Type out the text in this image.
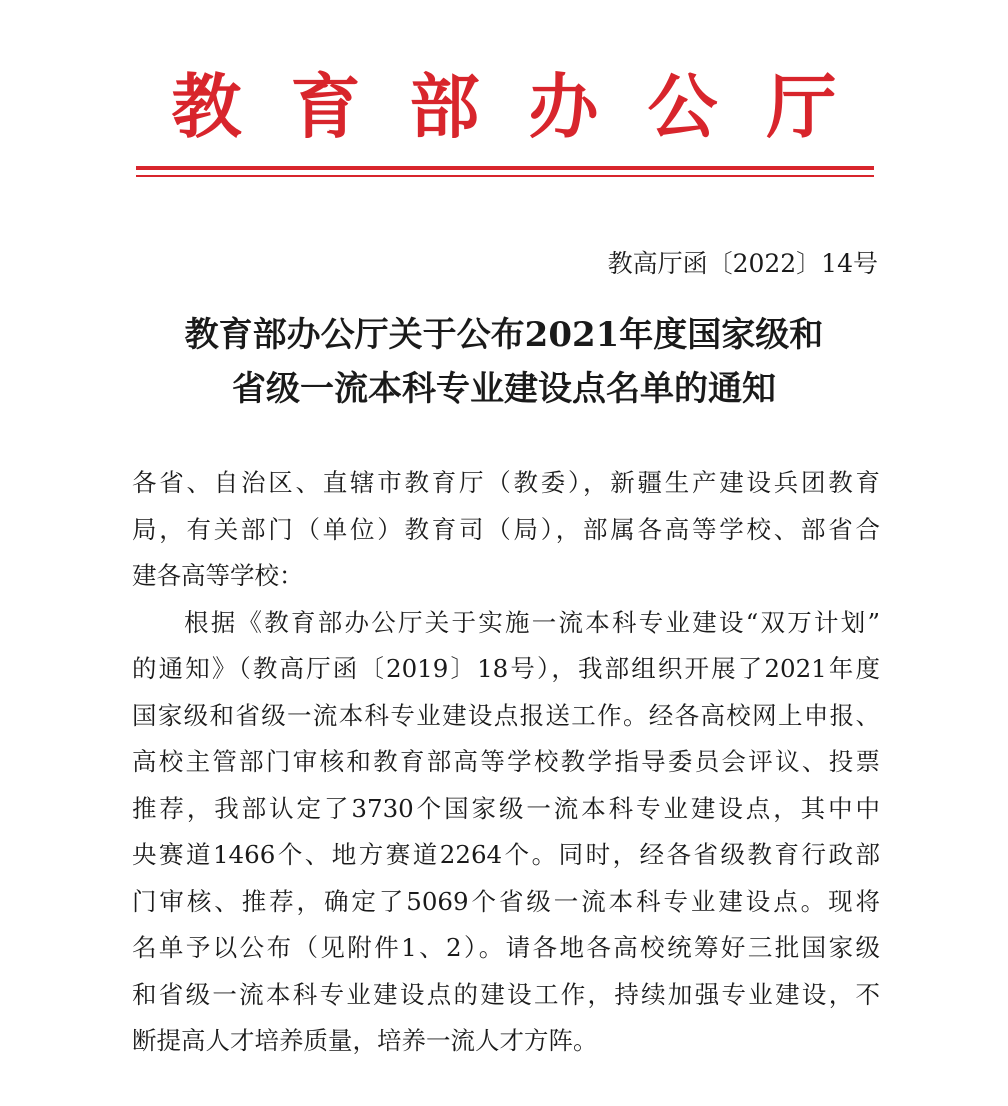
教育部办公厅
教高厅函〔2022〕14号
教育部办公厅关于公布2021年度国家级和
省级一流本科专业建设点名单的通知
各省、自治区、直辖市教育厅（教委），新疆生产建设兵团教育
局，有关部门（单位）教育司（局），部属各高等学校、部省合
建各高等学校：
根据《教育部办公厅关于实施一流本科专业建设“双万计划”
的通知》（教高厅函〔2019〕18号），我部组织开展了2021年度
国家级和省级一流本科专业建设点报送工作。经各高校网上申报、
高校主管部门审核和教育部高等学校教学指导委员会评议、投票
推荐，我部认定了3730个国家级一流本科专业建设点，其中中
央赛道1466个、地方赛道2264个。同时，经各省级教育行政部
门审核、推荐，确定了5069个省级一流本科专业建设点。现将
名单予以公布（见附件1、2）。请各地各高校统筹好三批国家级
和省级一流本科专业建设点的建设工作，持续加强专业建设，不
断提高人才培养质量，培养一流人才方阵。
